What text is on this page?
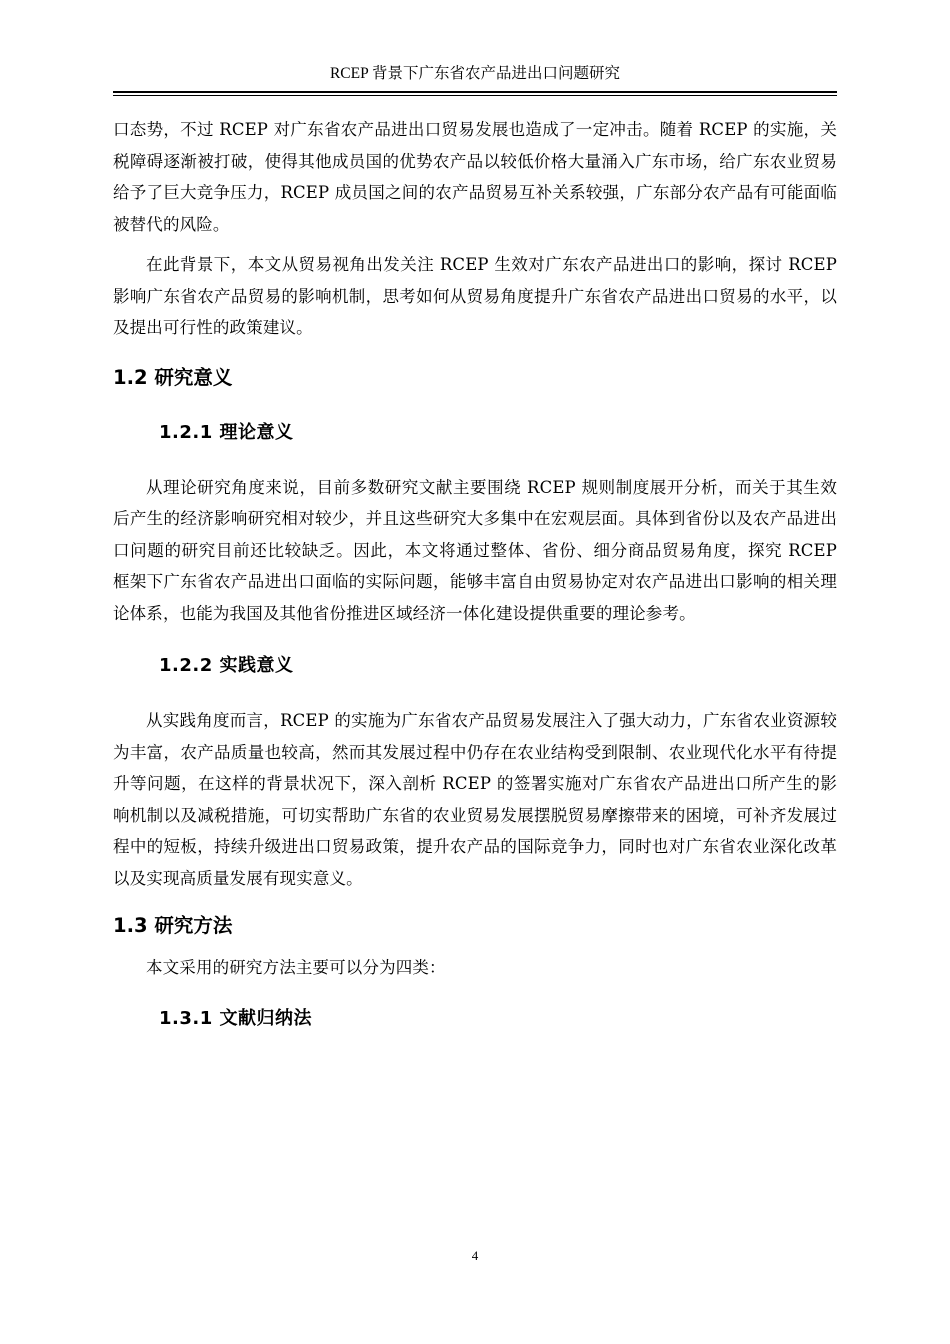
RCEP 背景下广东省农产品进出口问题研究

口态势，不过 RCEP 对广东省农产品进出口贸易发展也造成了一定冲击。随着 RCEP 的实施，关税障碍逐渐被打破，使得其他成员国的优势农产品以较低价格大量涌入广东市场，给广东农业贸易给予了巨大竞争压力，RCEP 成员国之间的农产品贸易互补关系较强，广东部分农产品有可能面临被替代的风险。

在此背景下，本文从贸易视角出发关注 RCEP 生效对广东农产品进出口的影响，探讨 RCEP 影响广东省农产品贸易的影响机制，思考如何从贸易角度提升广东省农产品进出口贸易的水平，以及提出可行性的政策建议。

1.2 研究意义
1.2.1 理论意义

从理论研究角度来说，目前多数研究文献主要围绕 RCEP 规则制度展开分析，而关于其生效后产生的经济影响研究相对较少，并且这些研究大多集中在宏观层面。具体到省份以及农产品进出口问题的研究目前还比较缺乏。因此，本文将通过整体、省份、细分商品贸易角度，探究 RCEP 框架下广东省农产品进出口面临的实际问题，能够丰富自由贸易协定对农产品进出口影响的相关理论体系，也能为我国及其他省份推进区域经济一体化建设提供重要的理论参考。

1.2.2 实践意义

从实践角度而言，RCEP 的实施为广东省农产品贸易发展注入了强大动力，广东省农业资源较为丰富，农产品质量也较高，然而其发展过程中仍存在农业结构受到限制、农业现代化水平有待提升等问题，在这样的背景状况下，深入剖析 RCEP 的签署实施对广东省农产品进出口所产生的影响机制以及减税措施，可切实帮助广东省的农业贸易发展摆脱贸易摩擦带来的困境，可补齐发展过程中的短板，持续升级进出口贸易政策，提升农产品的国际竞争力，同时也对广东省农业深化改革以及实现高质量发展有现实意义。

1.3 研究方法

本文采用的研究方法主要可以分为四类：

1.3.1 文献归纳法
4
